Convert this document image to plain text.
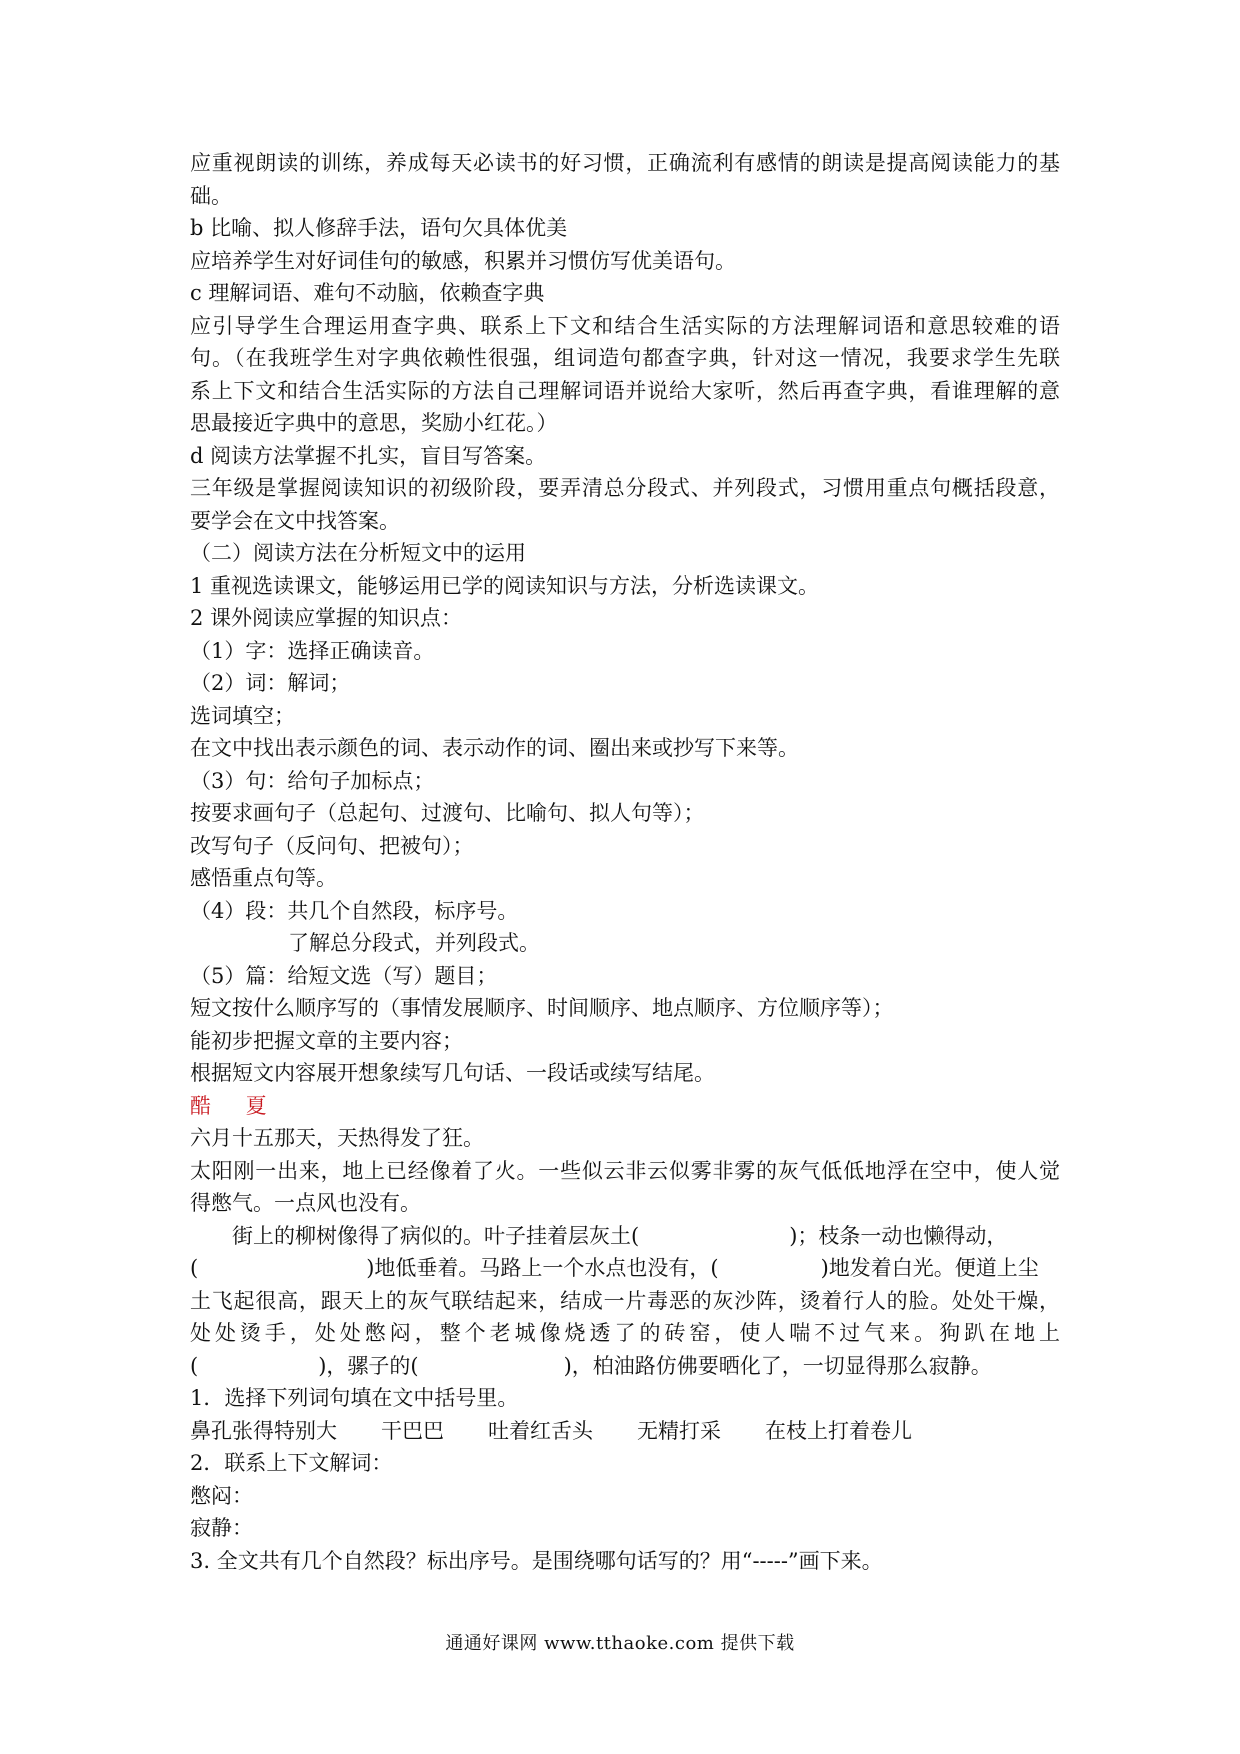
应重视朗读的训练，养成每天必读书的好习惯，正确流利有感情的朗读是提高阅读能力的基
础。
b 比喻、拟人修辞手法，语句欠具体优美
应培养学生对好词佳句的敏感，积累并习惯仿写优美语句。
c 理解词语、难句不动脑，依赖查字典
应引导学生合理运用查字典、联系上下文和结合生活实际的方法理解词语和意思较难的语
句。（在我班学生对字典依赖性很强，组词造句都查字典，针对这一情况，我要求学生先联
系上下文和结合生活实际的方法自己理解词语并说给大家听，然后再查字典，看谁理解的意
思最接近字典中的意思，奖励小红花。）
d 阅读方法掌握不扎实，盲目写答案。
三年级是掌握阅读知识的初级阶段，要弄清总分段式、并列段式，习惯用重点句概括段意，
要学会在文中找答案。
（二）阅读方法在分析短文中的运用
1 重视选读课文，能够运用已学的阅读知识与方法，分析选读课文。
2 课外阅读应掌握的知识点：
（1）字：选择正确读音。
（2）词：解词；
选词填空；
在文中找出表示颜色的词、表示动作的词、圈出来或抄写下来等。
（3）句：给句子加标点；
按要求画句子（总起句、过渡句、比喻句、拟人句等）；
改写句子（反问句、把被句）；
感悟重点句等。
（4）段：共几个自然段，标序号。
了解总分段式，并列段式。
（5）篇：给短文选（写）题目；
短文按什么顺序写的（事情发展顺序、时间顺序、地点顺序、方位顺序等）；
能初步把握文章的主要内容；
根据短文内容展开想象续写几句话、一段话或续写结尾。
酷 夏
六月十五那天，天热得发了狂。
太阳刚一出来，地上已经像着了火。一些似云非云似雾非雾的灰气低低地浮在空中，使人觉
得憋气。一点风也没有。
街上的柳树像得了病似的。叶子挂着层灰土(	)；枝条一动也懒得动，
(	)地低垂着。马路上一个水点也没有，(	)地发着白光。便道上尘
土飞起很高，跟天上的灰气联结起来，结成一片毒恶的灰沙阵，烫着行人的脸。处处干燥，
处处烫手，处处憋闷，整个老城像烧透了的砖窑，使人喘不过气来。狗趴在地上
(	)，骡子的(	)，柏油路仿佛要晒化了，一切显得那么寂静。
1．选择下列词句填在文中括号里。
鼻孔张得特别大 干巴巴 吐着红舌头 无精打采 在枝上打着卷儿
2．联系上下文解词：
憋闷：
寂静：
3. 全文共有几个自然段？标出序号。是围绕哪句话写的？用“-----”画下来。
通通好课网 www.tthaoke.com 提供下载
